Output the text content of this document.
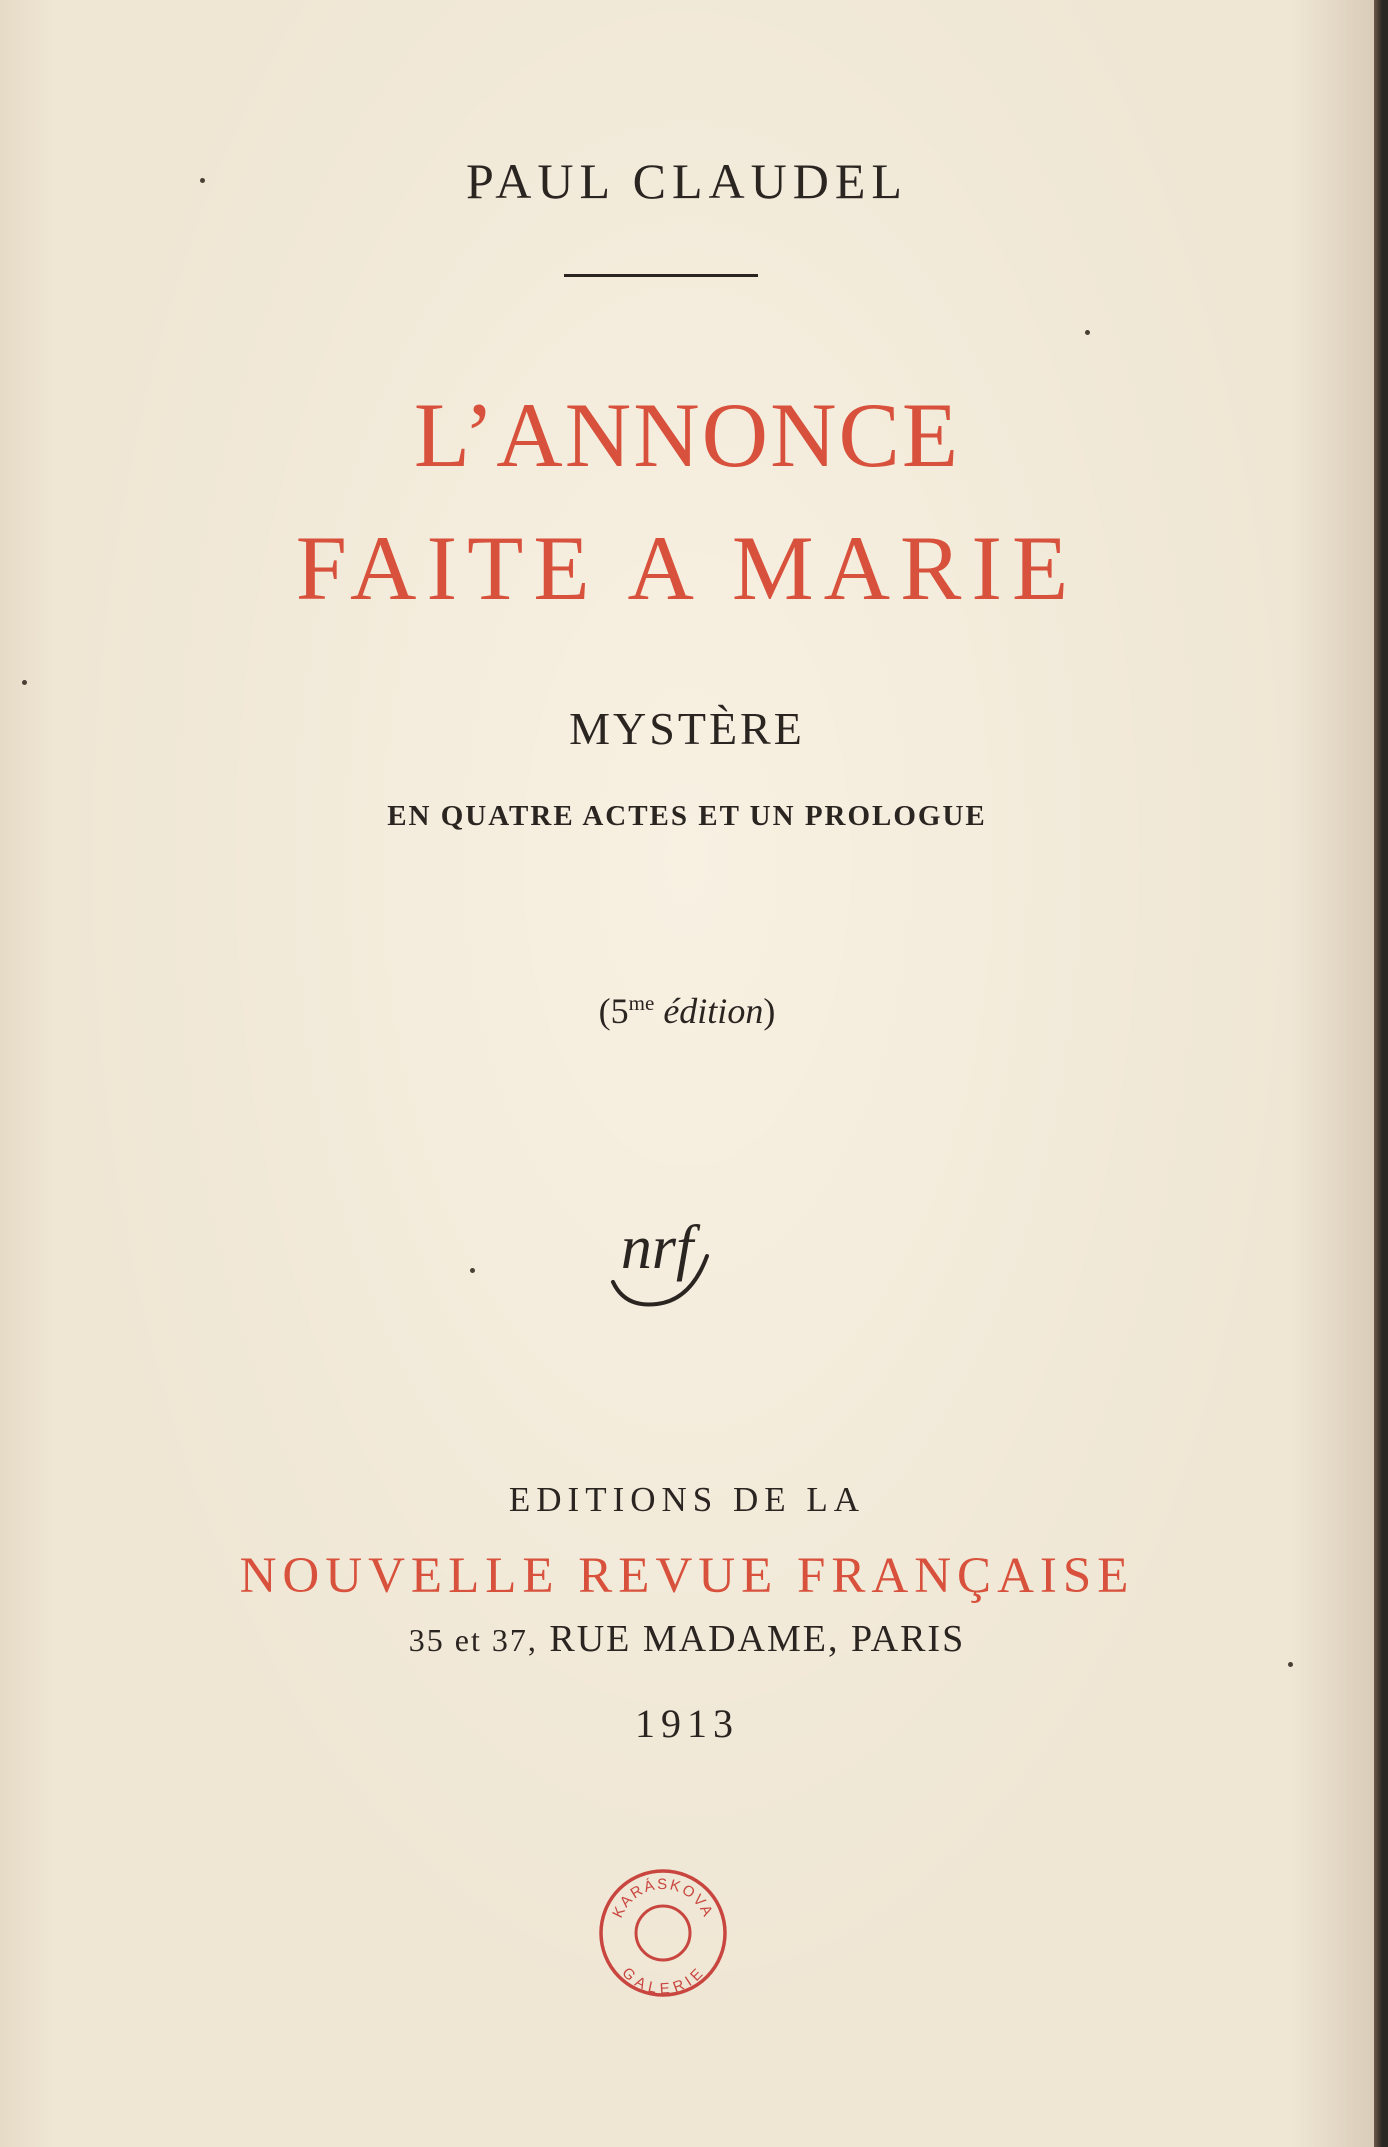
PAUL CLAUDEL
L’ANNONCE
FAITE A MARIE
MYSTÈRE
EN QUATRE ACTES ET UN PROLOGUE
($5^{me}$ édition)
nrf
EDITIONS DE LA
NOUVELLE REVUE FRANÇAISE
35 et 37, RUE MADAME, PARIS
1913
KARÁSKOVA
GALERIE
